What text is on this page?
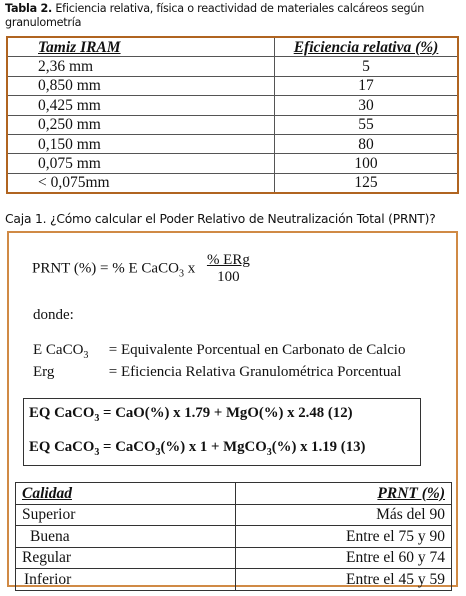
Tabla 2. Eficiencia relativa, física o reactividad de materiales calcáreos según granulometría
Tamiz IRAM	Eficiencia relativa (%)
2,36 mm	5
0,850 mm	17
0,425 mm	30
0,250 mm	55
0,150 mm	80
0,075 mm	100
< 0,075mm	125
Caja 1. ¿Cómo calcular el Poder Relativo de Neutralización Total (PRNT)?
PRNT (%) = % E CaCO$_3$ x $\frac{\text{\% ERg}}{100}$
donde:
E CaCO$_3$ = Equivalente Porcentual en Carbonato de Calcio
Erg	= Eficiencia Relativa Granulométrica Porcentual
EQ CaCO$_3$ = CaO(%) x 1.79 + MgO(%) x 2.48 (12)
EQ CaCO$_3$ = CaCO$_3$(%) x 1 + MgCO$_3$(%) x 1.19 (13)
Calidad	PRNT (%)
Superior	Más del 90
Buena	Entre el 75 y 90
Regular	Entre el 60 y 74
Inferior	Entre el 45 y 59
